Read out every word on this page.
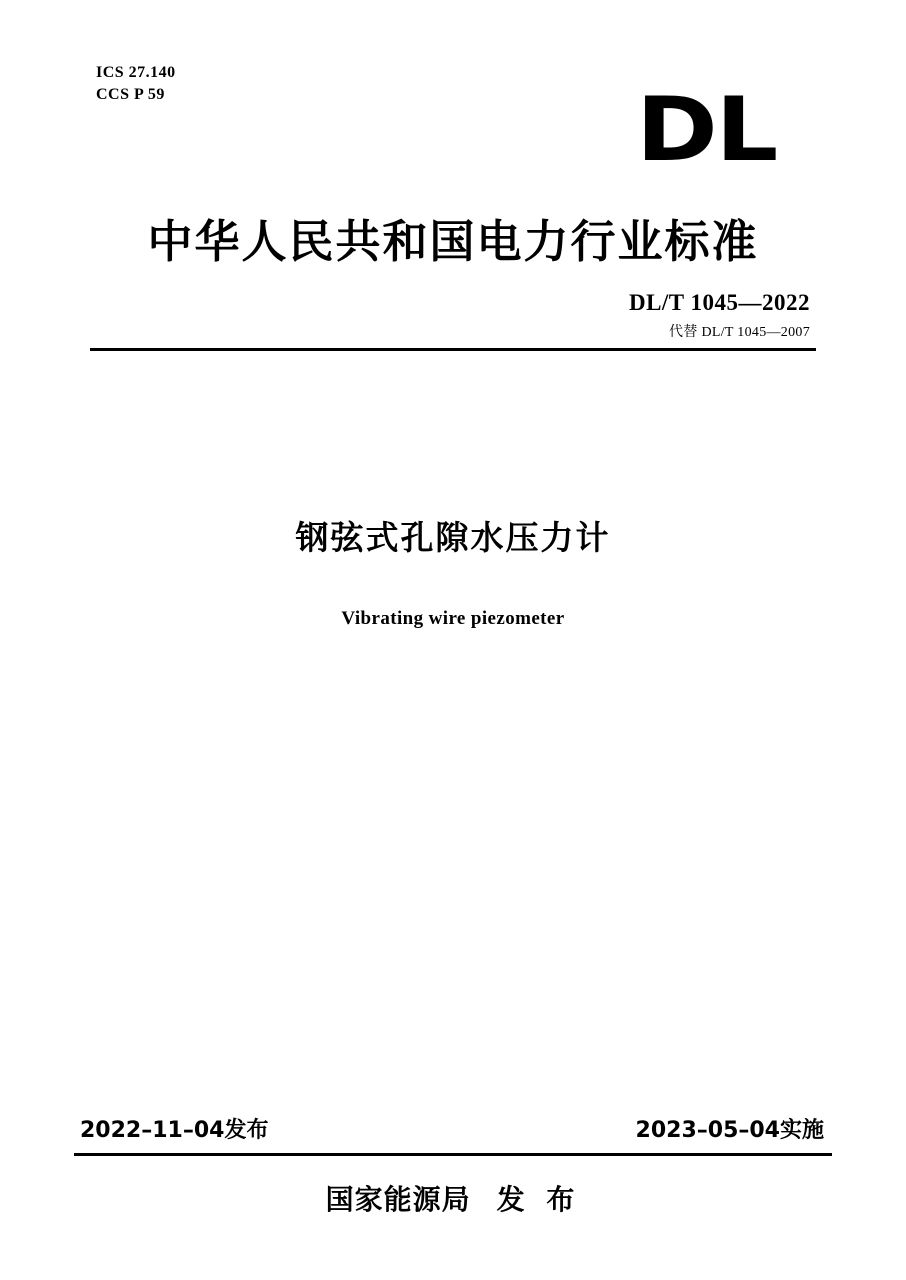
ICS 27.140
CCS P 59	DL
中华人民共和国电力行业标准
DL/T 1045—2022
代替 DL/T 1045—2007
钢弦式孔隙水压力计
Vibrating wire piezometer
2022–11–04发布	2023–05–04实施
国家能源局 发 布
